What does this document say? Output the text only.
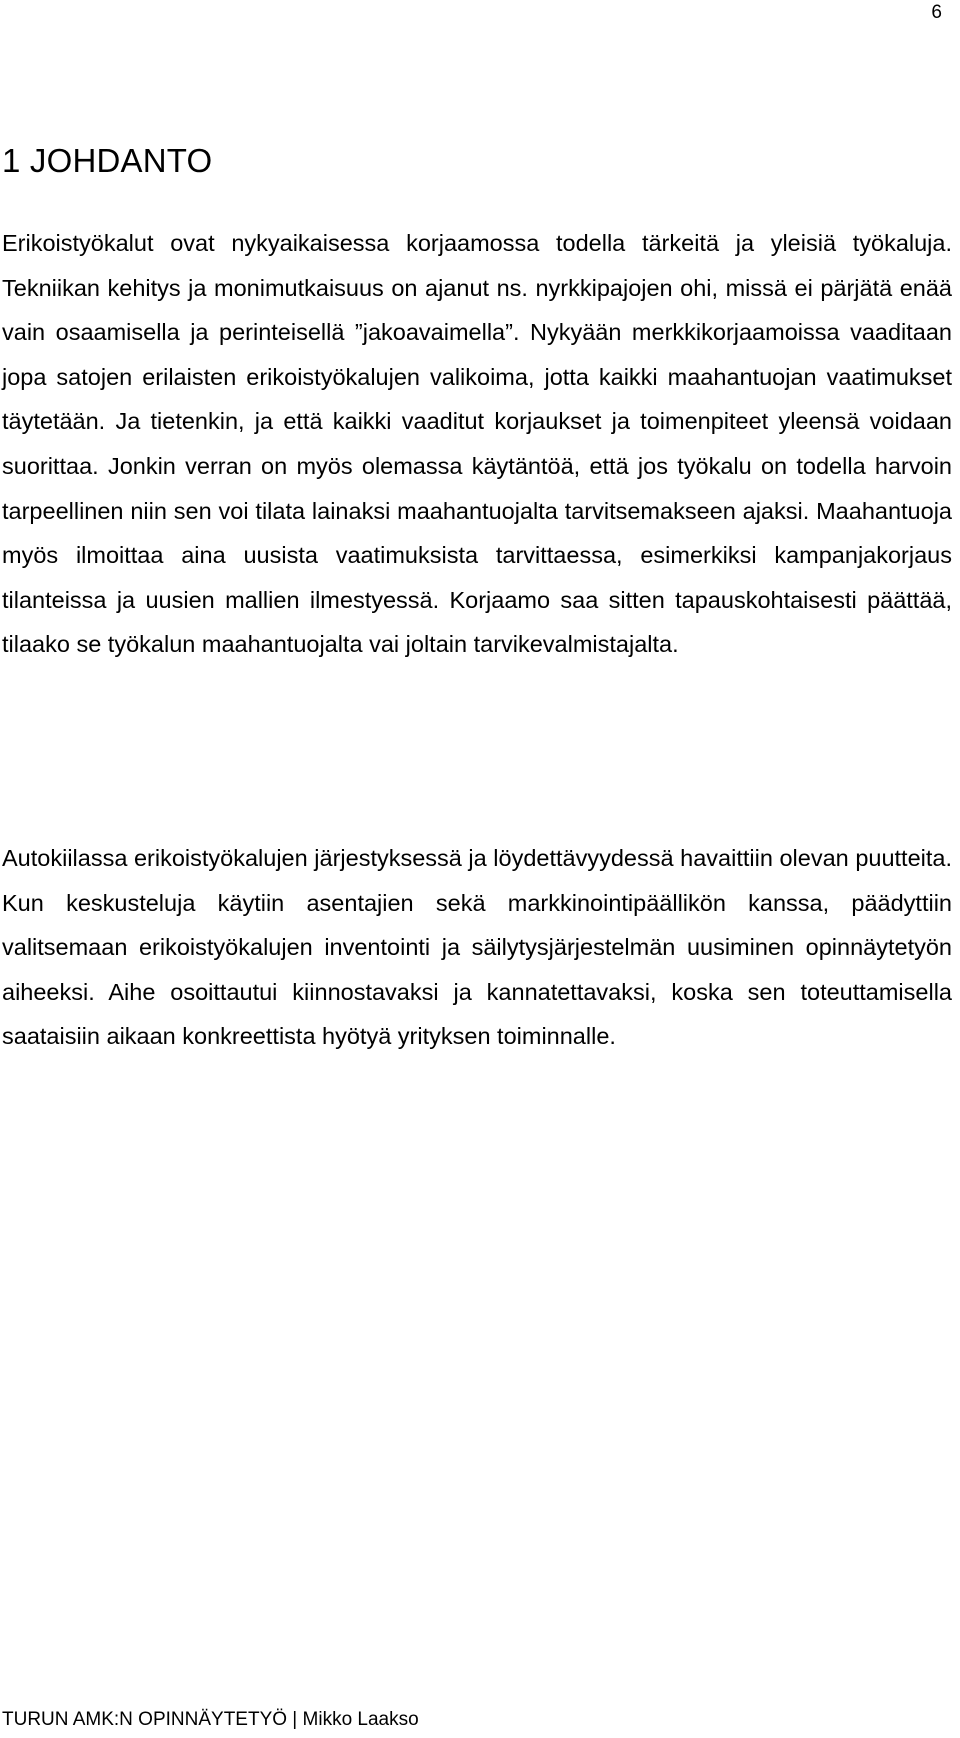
6
1 JOHDANTO

Erikoistyökalut ovat nykyaikaisessa korjaamossa todella tärkeitä ja yleisiä työkaluja. Tekniikan kehitys ja monimutkaisuus on ajanut ns. nyrkkipajojen ohi, missä ei pärjätä enää vain osaamisella ja perinteisellä ”jakoavaimella”. Nykyään merkkikorjaamoissa vaaditaan jopa satojen erilaisten erikoistyökalujen valikoima, jotta kaikki maahantuojan vaatimukset täytetään. Ja tietenkin, ja että kaikki vaaditut korjaukset ja toimenpiteet yleensä voidaan suorittaa. Jonkin verran on myös olemassa käytäntöä, että jos työkalu on todella harvoin tarpeellinen niin sen voi tilata lainaksi maahantuojalta tarvitsemakseen ajaksi. Maahantuoja myös ilmoittaa aina uusista vaatimuksista tarvittaessa, esimerkiksi kampanjakorjaus tilanteissa ja uusien mallien ilmestyessä. Korjaamo saa sitten tapauskohtaisesti päättää, tilaako se työkalun maahantuojalta vai joltain tarvikevalmistajalta.

Autokiilassa erikoistyökalujen järjestyksessä ja löydettävyydessä havaittiin olevan puutteita. Kun keskusteluja käytiin asentajien sekä markkinointipäällikön kanssa, päädyttiin valitsemaan erikoistyökalujen inventointi ja säilytysjärjestelmän uusiminen opinnäytetyön aiheeksi. Aihe osoittautui kiinnostavaksi ja kannatettavaksi, koska sen toteuttamisella saataisiin aikaan konkreettista hyötyä yrityksen toiminnalle.

TURUN AMK:N OPINNÄYTETYÖ | Mikko Laakso
